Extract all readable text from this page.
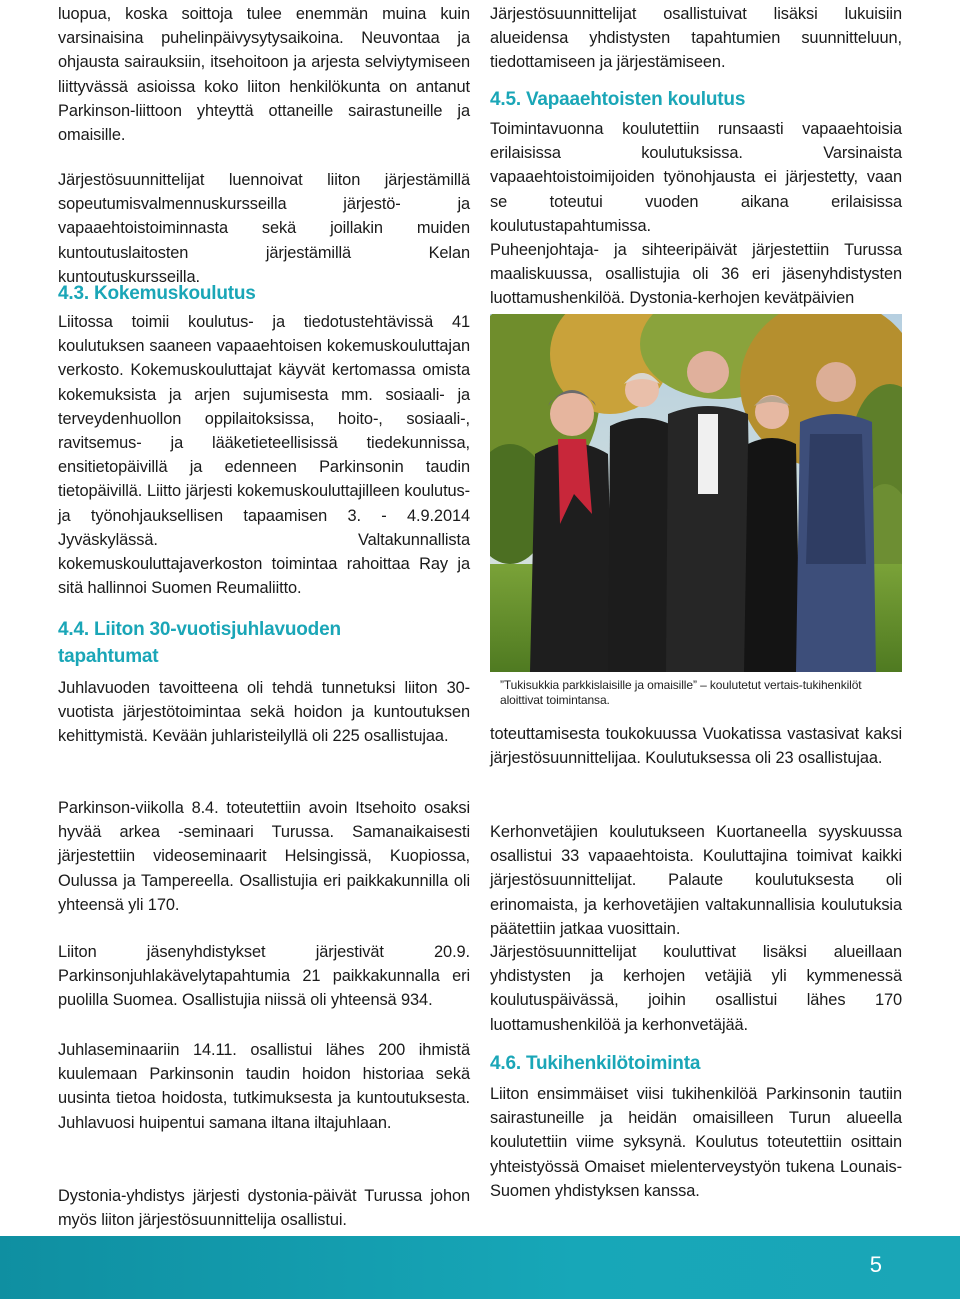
luopua, koska soittoja tulee enemmän muina kuin varsinaisina puhelinpäivysytysaikoina. Neuvontaa ja ohjausta sairauksiin, itsehoitoon ja arjesta selviytymiseen liittyvässä asioissa koko liiton henkilökunta on antanut Parkinson-liittoon yhteyttä ottaneille sairastuneille ja omaisille.

Järjestösuunnittelijat luennoivat liiton järjestämillä sopeutumisvalmennuskursseilla järjestö- ja vapaaehtoistoiminnasta sekä joillakin muiden kuntoutuslaitosten järjestämillä Kelan kuntoutuskursseilla.

4.3. Kokemuskoulutus

Liitossa toimii koulutus- ja tiedotustehtävissä 41 koulutuksen saaneen vapaaehtoisen kokemuskouluttajan verkosto. Kokemuskouluttajat käyvät kertomassa omista kokemuksista ja arjen sujumisesta mm. sosiaali- ja terveydenhuollon oppilaitoksissa, hoito-, sosiaali-, ravitsemus- ja lääketieteellisissä tiedekunnissa, ensitietopäivillä ja edenneen Parkinsonin taudin tietopäivillä. Liitto järjesti kokemuskouluttajilleen koulutus- ja työnohjauksellisen tapaamisen 3. - 4.9.2014 Jyväskylässä. Valtakunnallista kokemuskouluttajaverkoston toimintaa rahoittaa Ray ja sitä hallinnoi Suomen Reumaliitto.

4.4. Liiton 30-vuotisjuhlavuoden tapahtumat

Juhlavuoden tavoitteena oli tehdä tunnetuksi liiton 30-vuotista järjestötoimintaa sekä hoidon ja kuntoutuksen kehittymistä. Kevään juhlaristeilyllä oli 225 osallistujaa.

Parkinson-viikolla 8.4. toteutettiin avoin Itsehoito osaksi hyvää arkea -seminaari Turussa. Samanaikaisesti järjestettiin videoseminaarit Helsingissä, Kuopiossa, Oulussa ja Tampereella. Osallistujia eri paikkakunnilla oli yhteensä yli 170.

Liiton jäsenyhdistykset järjestivät 20.9. Parkinsonjuhlakävelytapahtumia 21 paikkakunnalla eri puolilla Suomea. Osallistujia niissä oli yhteensä 934.

Juhlaseminaariin 14.11. osallistui lähes 200 ihmistä kuulemaan Parkinsonin taudin hoidon historiaa sekä uusinta tietoa hoidosta, tutkimuksesta ja kuntoutuksesta. Juhlavuosi huipentui samana iltana iltajuhlaan.

Dystonia-yhdistys järjesti dystonia-päivät Turussa johon myös liiton järjestösuunnittelija osallistui.

Järjestösuunnittelijat osallistuivat lisäksi lukuisiin alueidensa yhdistysten tapahtumien suunnitteluun, tiedottamiseen ja järjestämiseen.

4.5. Vapaaehtoisten koulutus

Toimintavuonna koulutettiin runsaasti vapaaehtoisia erilaisissa koulutuksissa. Varsinaista vapaaehtoistoimijoiden työnohjausta ei järjestetty, vaan se toteutui vuoden aikana erilaisissa koulutustapahtumissa.

Puheenjohtaja- ja sihteeripäivät järjestettiin Turussa maaliskuussa, osallistujia oli 36 eri jäsenyhdistysten luottamushenkilöä. Dystonia-kerhojen kevätpäivien

”Tukisukkia parkkislaisille ja omaisille” – koulutetut vertais-tukihenkilöt aloittivat toimintansa.

toteuttamisesta toukokuussa Vuokatissa vastasivat kaksi järjestösuunnittelijaa. Koulutuksessa oli 23 osallistujaa.

Kerhonvetäjien koulutukseen Kuortaneella syyskuussa osallistui 33 vapaaehtoista. Kouluttajina toimivat kaikki järjestösuunnittelijat. Palaute koulutuksesta oli erinomaista, ja kerhovetäjien valtakunnallisia koulutuksia päätettiin jatkaa vuosittain.

Järjestösuunnittelijat kouluttivat lisäksi alueillaan yhdistysten ja kerhojen vetäjiä yli kymmenessä koulutuspäivässä, joihin osallistui lähes 170 luottamushenkilöä ja kerhonvetäjää.

4.6. Tukihenkilötoiminta

Liiton ensimmäiset viisi tukihenkilöä Parkinsonin tautiin sairastuneille ja heidän omaisilleen Turun alueella koulutettiin viime syksynä. Koulutus toteutettiin osittain yhteistyössä Omaiset mielenterveystyön tukena Lounais-Suomen yhdistyksen kanssa.

5
